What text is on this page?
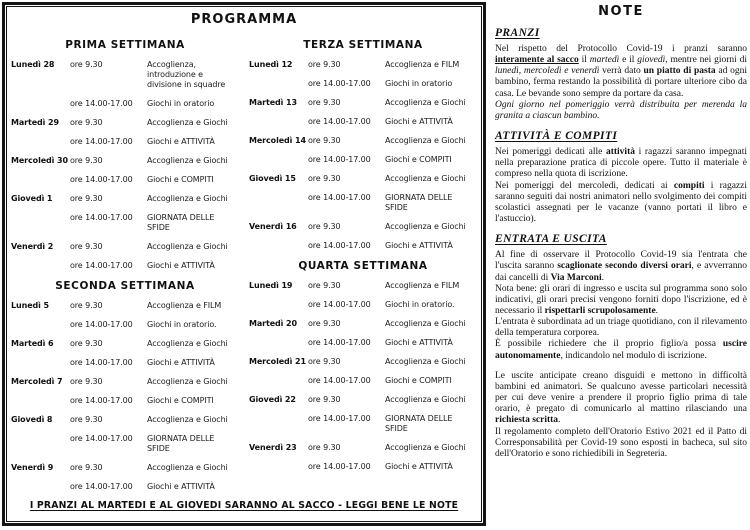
PROGRAMMA
PRIMA SETTIMANA
Lunedì 28	ore 9.30	Accoglienza, introduzione e divisione in squadre
ore 14.00-17.00	Giochi in oratorio
Martedì 29	ore 9.30	Accoglienza e Giochi
ore 14.00-17.00	Giochi e ATTIVITÀ
Mercoledì 30 ore 9.30	Accoglienza e Giochi
ore 14.00-17.00	Giochi e COMPITI
Giovedì 1	ore 9.30	Accoglienza e Giochi
ore 14.00-17.00	GIORNATA DELLE SFIDE
Venerdì 2	ore 9.30	Accoglienza e Giochi
ore 14.00-17.00	Giochi e ATTIVITÀ
SECONDA SETTIMANA
Lunedì 5	ore 9.30	Accoglienza e FILM
ore 14.00-17.00	Giochi in oratorio.
Martedì 6	ore 9.30	Accoglienza e Giochi
ore 14.00-17.00	Giochi e ATTIVITÀ
Mercoledì 7 ore 9.30	Accoglienza e Giochi
ore 14.00-17.00	Giochi e COMPITI
Giovedì 8	ore 9.30	Accoglienza e Giochi
ore 14.00-17.00	GIORNATA DELLE SFIDE
Venerdì 9	ore 9.30	Accoglienza e Giochi
ore 14.00-17.00	Giochi e ATTIVITÀ
TERZA SETTIMANA
Lunedì 12	ore 9.30	Accoglienza e FILM
ore 14.00-17.00	Giochi in oratorio
Martedì 13	ore 9.30	Accoglienza e Giochi
ore 14.00-17.00	Giochi e ATTIVITÀ
Mercoledì 14 ore 9.30	Accoglienza e Giochi
ore 14.00-17.00	Giochi e COMPITI
Giovedì 15	ore 9.30	Accoglienza e Giochi
ore 14.00-17.00	GIORNATA DELLE SFIDE
Venerdì 16	ore 9.30	Accoglienza e Giochi
ore 14.00-17.00	Giochi e ATTIVITÀ
QUARTA SETTIMANA
Lunedì 19	ore 9.30	Accoglienza e FILM
ore 14.00-17.00	Giochi in oratorio.
Martedì 20	ore 9.30	Accoglienza e Giochi
ore 14.00-17.00	Giochi e ATTIVITÀ
Mercoledì 21 ore 9.30	Accoglienza e Giochi
ore 14.00-17.00	Giochi e COMPITI
Giovedì 22	ore 9.30	Accoglienza e Giochi
ore 14.00-17.00	GIORNATA DELLE SFIDE
Venerdì 23	ore 9.30	Accoglienza e Giochi
ore 14.00-17.00	Giochi e ATTIVITÀ
I PRANZI AL MARTEDI E AL GIOVEDI SARANNO AL SACCO - LEGGI BENE LE NOTE
NOTE
PRANZI

Nel rispetto del Protocollo Covid-19 i pranzi saranno interamente al sacco il martedì e il giovedì, mentre nei giorni di lunedì, mercoledì e venerdì verrà dato un piatto di pasta ad ogni bambino, ferma restando la possibilità di portare ulteriore cibo da casa. Le bevande sono sempre da portare da casa.

Ogni giorno nel pomeriggio verrà distribuita per merenda la granita a ciascun bambino.

ATTIVITÀ E COMPITI

Nei pomeriggi dedicati alle attività i ragazzi saranno impegnati nella preparazione pratica di piccole opere. Tutto il materiale è compreso nella quota di iscrizione.

Nei pomeriggi del mercoledì, dedicati ai compiti i ragazzi saranno seguiti dai nostri animatori nello svolgimento dei compiti scolastici assegnati per le vacanze (vanno portati il libro e l'astuccio).

ENTRATA E USCITA

Al fine di osservare il Protocollo Covid-19 sia l'entrata che l'uscita saranno scaglionate secondo diversi orari, e avverranno dai cancelli di Via Marconi.

Nota bene: gli orari di ingresso e uscita sul programma sono solo indicativi, gli orari precisi vengono forniti dopo l'iscrizione, ed è necessario il rispettarli scrupolosamente.

L'entrata è subordinata ad un triage quotidiano, con il rilevamento della temperatura corporea.

È possibile richiedere che il proprio figlio/a possa uscire autonomamente, indicandolo nel modulo di iscrizione.

Le uscite anticipate creano disguidi e mettono in difficoltà bambini ed animatori. Se qualcuno avesse particolari necessità per cui deve venire a prendere il proprio figlio prima di tale orario, è pregato di comunicarlo al mattino rilasciando una richiesta scritta.

Il regolamento completo dell'Oratorio Estivo 2021 ed il Patto di Corresponsabilità per Covid-19 sono esposti in bacheca, sul sito dell'Oratorio e sono richiedibili in Segreteria.
